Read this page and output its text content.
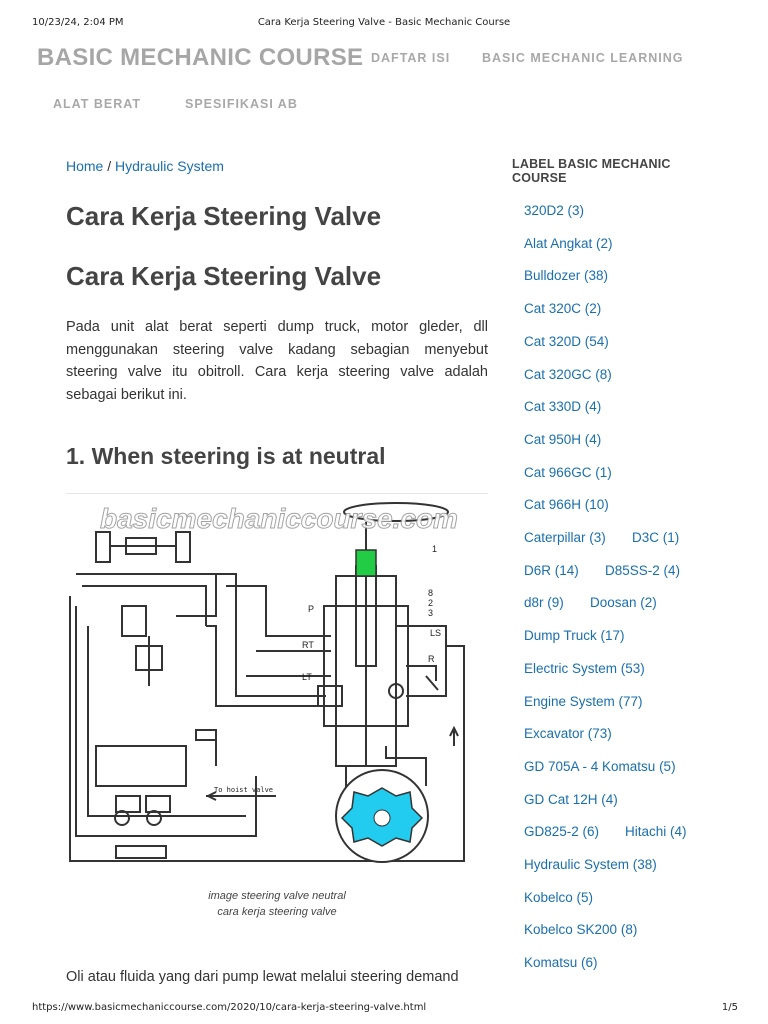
10/23/24, 2:04 PM	Cara Kerja Steering Valve - Basic Mechanic Course
BASIC MECHANIC COURSE DAFTAR ISI	BASIC MECHANIC LEARNING
ALAT BERAT	SPESIFIKASI AB
Home / Hydraulic System
Cara Kerja Steering Valve
Cara Kerja Steering Valve

Pada unit alat berat seperti dump truck, motor gleder, dll menggunakan steering valve kadang sebagian menyebut steering valve itu obitroll. Cara kerja steering valve adalah sebagai berikut ini.

1. When steering is at neutral
basicmechaniccourse.com
1
8
2
3
P
LS
RT
R
LT
To hoist valve
image steering valve neutral
cara kerja steering valve
Oli atau fluida yang dari pump lewat melalui steering demand
LABEL BASIC MECHANIC COURSE
320D2 (3)
Alat Angkat (2)
Bulldozer (38)
Cat 320C (2)
Cat 320D (54)
Cat 320GC (8)
Cat 330D (4)
Cat 950H (4)
Cat 966GC (1)
Cat 966H (10)
Caterpillar (3) D3C (1)
D6R (14) D85SS-2 (4)
d8r (9) Doosan (2)
Dump Truck (17)
Electric System (53)
Engine System (77)
Excavator (73)
GD 705A - 4 Komatsu (5)
GD Cat 12H (4)
GD825-2 (6) Hitachi (4)
Hydraulic System (38)
Kobelco (5)
Kobelco SK200 (8)
Komatsu (6)
https://www.basicmechaniccourse.com/2020/10/cara-kerja-steering-valve.html	1/5
